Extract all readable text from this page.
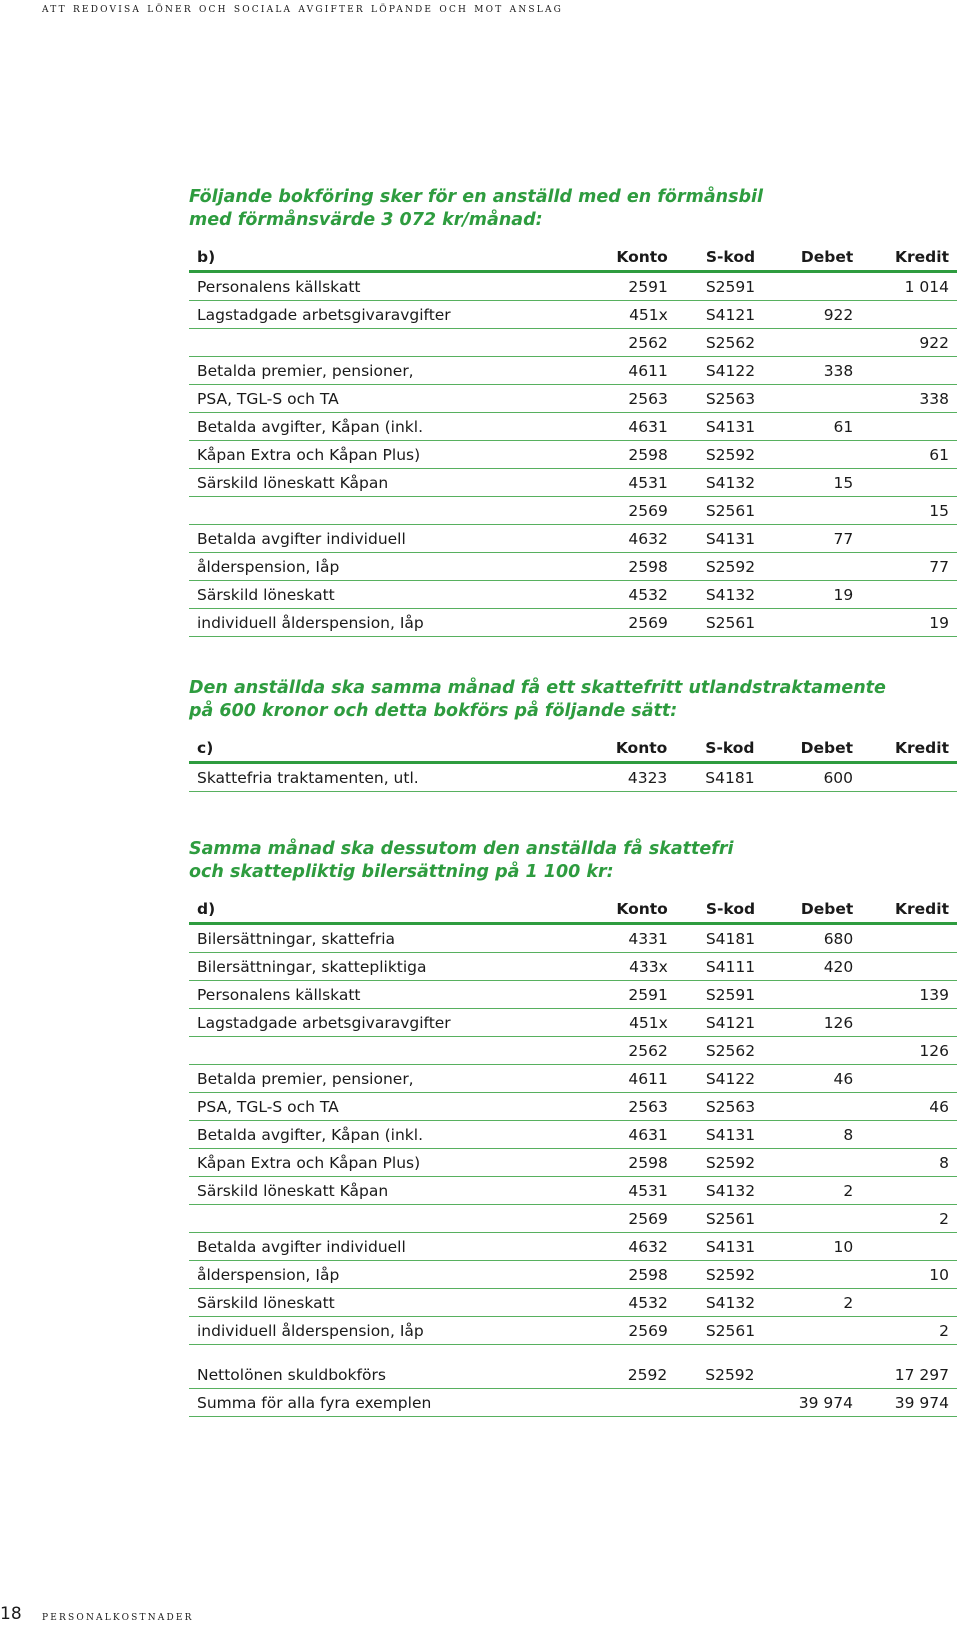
att redovisa löner och sociala avgifter löpande och mot anslag

Följande bokföring sker för en anställd med en förmånsbil
med förmånsvärde 3 072 kr/månad:

b)	Konto	S-kod	Debet	Kredit
Personalens källskatt	2591	S2591		1 014
Lagstadgade arbetsgivaravgifter	451x	S4121	922	
	2562	S2562		922
Betalda premier, pensioner,	4611	S4122	338	
PSA, TGL-S och TA	2563	S2563		338
Betalda avgifter, Kåpan (inkl.	4631	S4131	61	
Kåpan Extra och Kåpan Plus)	2598	S2592		61
Särskild löneskatt Kåpan	4531	S4132	15	
	2569	S2561		15
Betalda avgifter individuell	4632	S4131	77	
ålderspension, Iåp	2598	S2592		77
Särskild löneskatt	4532	S4132	19	
individuell ålderspension, Iåp	2569	S2561		19

Den anställda ska samma månad få ett skattefritt utlandstraktamente
på 600 kronor och detta bokförs på följande sätt:

c)	Konto	S-kod	Debet	Kredit
Skattefria traktamenten, utl.	4323	S4181	600	

Samma månad ska dessutom den anställda få skattefri
och skattepliktig bilersättning på 1 100 kr:

d)	Konto	S-kod	Debet	Kredit
Bilersättningar, skattefria	4331	S4181	680	
Bilersättningar, skattepliktiga	433x	S4111	420	
Personalens källskatt	2591	S2591		139
Lagstadgade arbetsgivaravgifter	451x	S4121	126	
	2562	S2562		126
Betalda premier, pensioner,	4611	S4122	46	
PSA, TGL-S och TA	2563	S2563		46
Betalda avgifter, Kåpan (inkl.	4631	S4131	8	
Kåpan Extra och Kåpan Plus)	2598	S2592		8
Särskild löneskatt Kåpan	4531	S4132	2	
	2569	S2561		2
Betalda avgifter individuell	4632	S4131	10	
ålderspension, Iåp	2598	S2592		10
Särskild löneskatt	4532	S4132	2	
individuell ålderspension, Iåp	2569	S2561		2
Nettolönen skuldbokförs	2592	S2592		17 297
Summa för alla fyra exemplen			39 974	39 974
18 personalkostnader
